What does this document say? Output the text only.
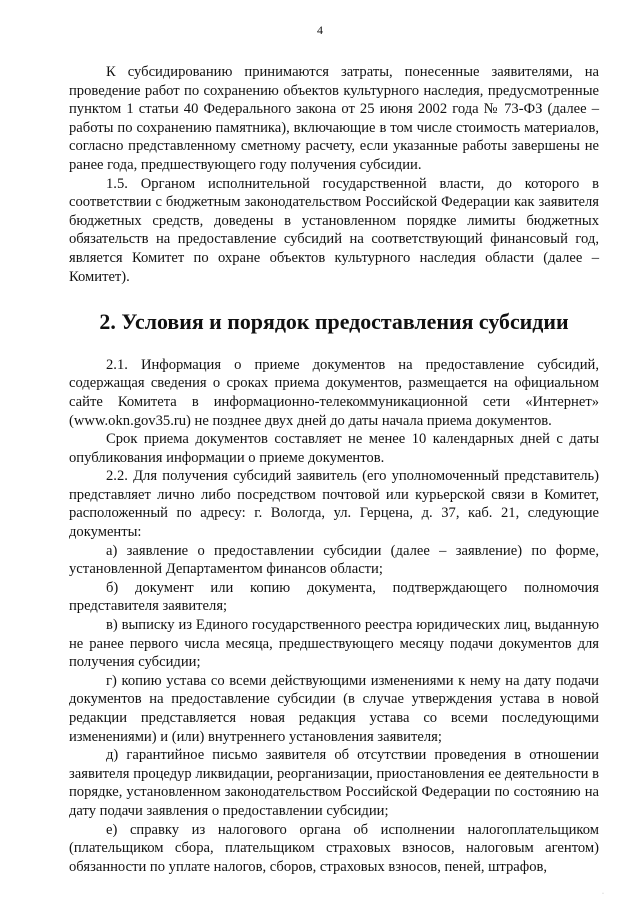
4

К субсидированию принимаются затраты, понесенные заявителями, на проведение работ по сохранению объектов культурного наследия, предусмотренные пунктом 1 статьи 40 Федерального закона от 25 июня 2002 года № 73-ФЗ (далее – работы по сохранению памятника), включающие в том числе стоимость материалов, согласно представленному сметному расчету, если указанные работы завершены не ранее года, предшествующего году получения субсидии.

1.5. Органом исполнительной государственной власти, до которого в соответствии с бюджетным законодательством Российской Федерации как заявителя бюджетных средств, доведены в установленном порядке лимиты бюджетных обязательств на предоставление субсидий на соответствующий финансовый год, является Комитет по охране объектов культурного наследия области (далее – Комитет).

2. Условия и порядок предоставления субсидии

2.1. Информация о приеме документов на предоставление субсидий, содержащая сведения о сроках приема документов, размещается на официальном сайте Комитета в информационно-телекоммуникационной сети «Интернет» (www.okn.gov35.ru) не позднее двух дней до даты начала приема документов.

Срок приема документов составляет не менее 10 календарных дней с даты опубликования информации о приеме документов.

2.2. Для получения субсидий заявитель (его уполномоченный представитель) представляет лично либо посредством почтовой или курьерской связи в Комитет, расположенный по адресу: г. Вологда, ул. Герцена, д. 37, каб. 21, следующие документы:

а) заявление о предоставлении субсидии (далее – заявление) по форме, установленной Департаментом финансов области;

б) документ или копию документа, подтверждающего полномочия представителя заявителя;

в) выписку из Единого государственного реестра юридических лиц, выданную не ранее первого числа месяца, предшествующего месяцу подачи документов для получения субсидии;

г) копию устава со всеми действующими изменениями к нему на дату подачи документов на предоставление субсидии (в случае утверждения устава в новой редакции представляется новая редакция устава со всеми последующими изменениями) и (или) внутреннего установления заявителя;

д) гарантийное письмо заявителя об отсутствии проведения в отношении заявителя процедур ликвидации, реорганизации, приостановления ее деятельности в порядке, установленном законодательством Российской Федерации по состоянию на дату подачи заявления о предоставлении субсидии;

е) справку из налогового органа об исполнении налогоплательщиком (плательщиком сбора, плательщиком страховых взносов, налоговым агентом) обязанности по уплате налогов, сборов, страховых взносов, пеней, штрафов,

·
